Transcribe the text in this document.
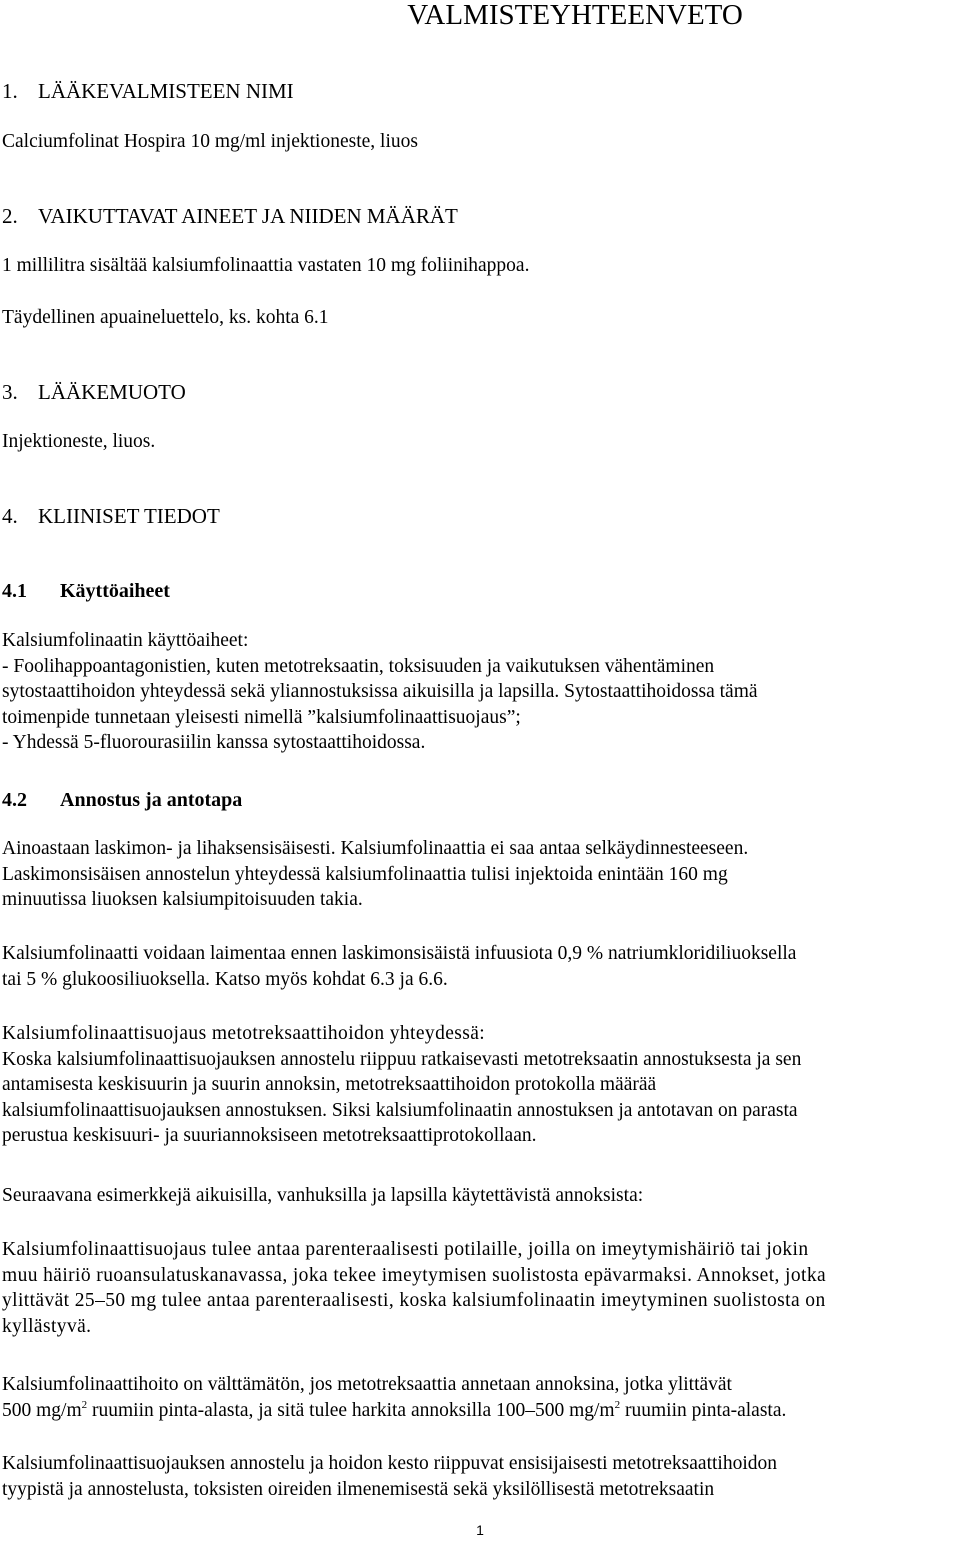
VALMISTEYHTEENVETO
1. LÄÄKEVALMISTEEN NIMI
Calciumfolinat Hospira 10 mg/ml injektioneste, liuos
2. VAIKUTTAVAT AINEET JA NIIDEN MÄÄRÄT
1 millilitra sisältää kalsiumfolinaattia vastaten 10 mg foliinihappoa.
Täydellinen apuaineluettelo, ks. kohta 6.1
3. LÄÄKEMUOTO
Injektioneste, liuos.
4. KLIINISET TIEDOT
4.1 Käyttöaiheet
Kalsiumfolinaatin käyttöaiheet:
- Foolihappoantagonistien, kuten metotreksaatin, toksisuuden ja vaikutuksen vähentäminen
sytostaattihoidon yhteydessä sekä yliannostuksissa aikuisilla ja lapsilla. Sytostaattihoidossa tämä
toimenpide tunnetaan yleisesti nimellä ”kalsiumfolinaattisuojaus”;
- Yhdessä 5-fluorourasiilin kanssa sytostaattihoidossa.
4.2 Annostus ja antotapa
Ainoastaan laskimon- ja lihaksensisäisesti. Kalsiumfolinaattia ei saa antaa selkäydinnesteeseen.
Laskimonsisäisen annostelun yhteydessä kalsiumfolinaattia tulisi injektoida enintään 160 mg
minuutissa liuoksen kalsiumpitoisuuden takia.
Kalsiumfolinaatti voidaan laimentaa ennen laskimonsisäistä infuusiota 0,9 % natriumkloridiliuoksella
tai 5 % glukoosiliuoksella. Katso myös kohdat 6.3 ja 6.6.
Kalsiumfolinaattisuojaus metotreksaattihoidon yhteydessä:
Koska kalsiumfolinaattisuojauksen annostelu riippuu ratkaisevasti metotreksaatin annostuksesta ja sen
antamisesta keskisuurin ja suurin annoksin, metotreksaattihoidon protokolla määrää
kalsiumfolinaattisuojauksen annostuksen. Siksi kalsiumfolinaatin annostuksen ja antotavan on parasta
perustua keskisuuri- ja suuriannoksiseen metotreksaattiprotokollaan.
Seuraavana esimerkkejä aikuisilla, vanhuksilla ja lapsilla käytettävistä annoksista:
Kalsiumfolinaattisuojaus tulee antaa parenteraalisesti potilaille, joilla on imeytymishäiriö tai jokin
muu häiriö ruoansulatuskanavassa, joka tekee imeytymisen suolistosta epävarmaksi. Annokset, jotka
ylittävät 25–50 mg tulee antaa parenteraalisesti, koska kalsiumfolinaatin imeytyminen suolistosta on
kyllästyvä.
Kalsiumfolinaattihoito on välttämätön, jos metotreksaattia annetaan annoksina, jotka ylittävät
500 $mg/m^2$ ruumiin pinta-alasta, ja sitä tulee harkita annoksilla 100–500 $mg/m^2$ ruumiin pinta-alasta.
Kalsiumfolinaattisuojauksen annostelu ja hoidon kesto riippuvat ensisijaisesti metotreksaattihoidon
tyypistä ja annostelusta, toksisten oireiden ilmenemisestä sekä yksilöllisestä metotreksaatin
1
